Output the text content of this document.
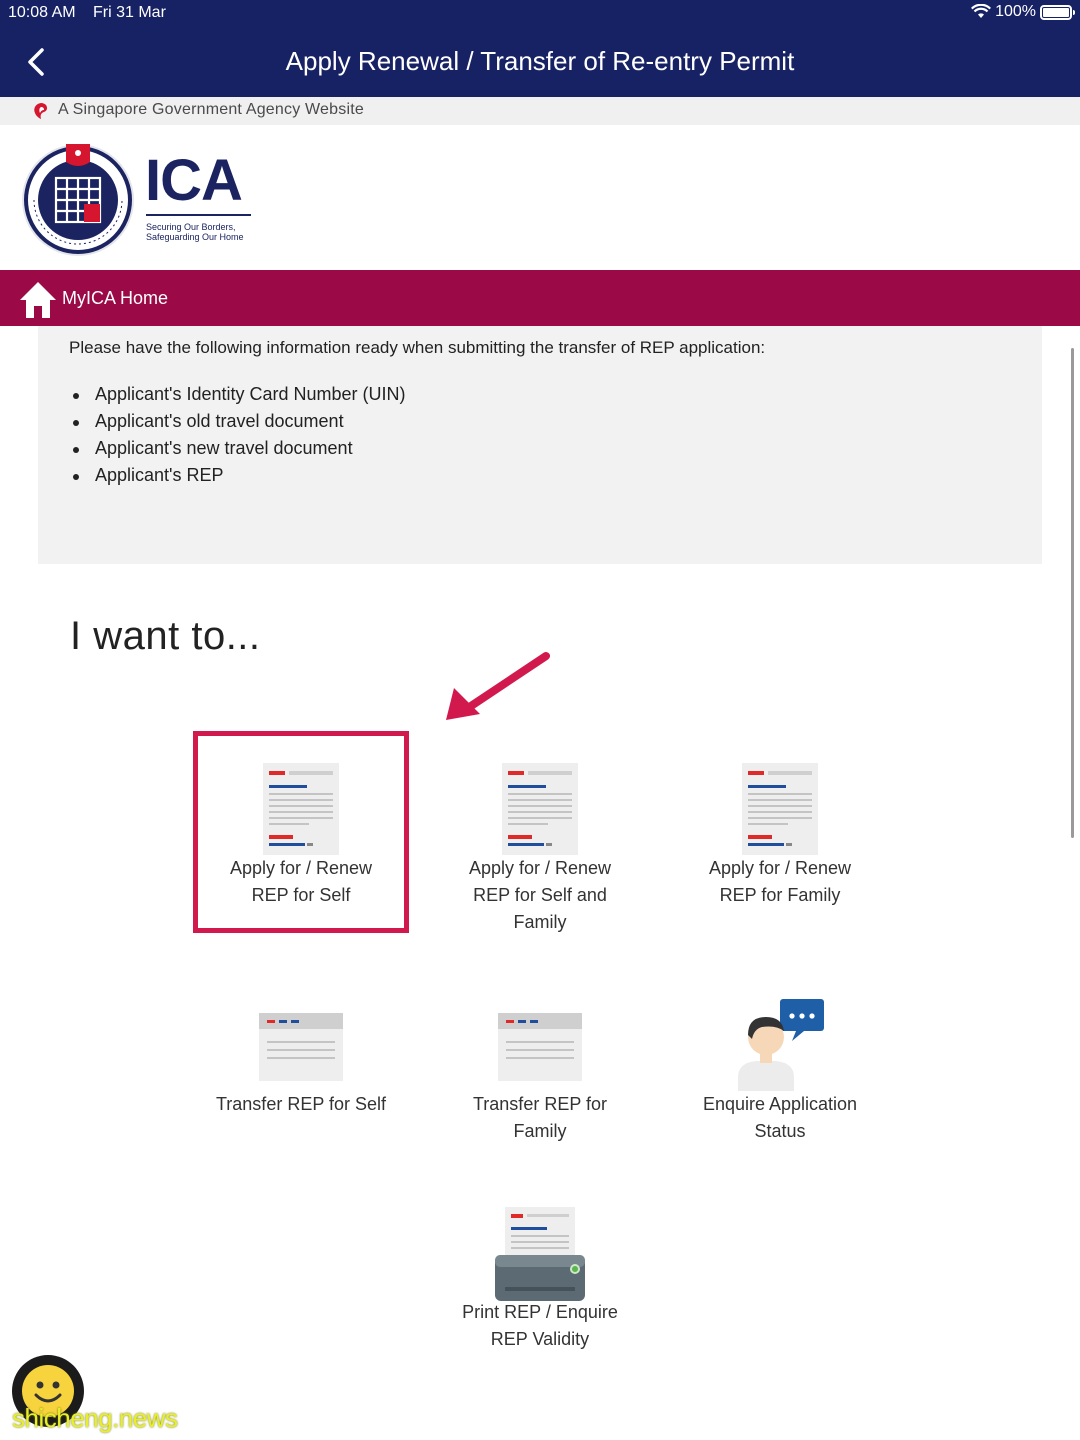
10:08 AM Fri 31 Mar	100%
Apply Renewal / Transfer of Re-entry Permit
A Singapore Government Agency Website
ICA
Securing Our Borders,
Safeguarding Our Home
MyICA Home
Please have the following information ready when submitting the transfer of REP application:
Applicant's Identity Card Number (UIN)
Applicant's old travel document
Applicant's new travel document
Applicant's REP
I want to...
Apply for / Renew REP for Self
Apply for / Renew REP for Self and Family
Apply for / Renew REP for Family
Transfer REP for Self	Transfer REP for Family
Enquire Application Status
Print REP / Enquire REP Validity
shicheng.news
